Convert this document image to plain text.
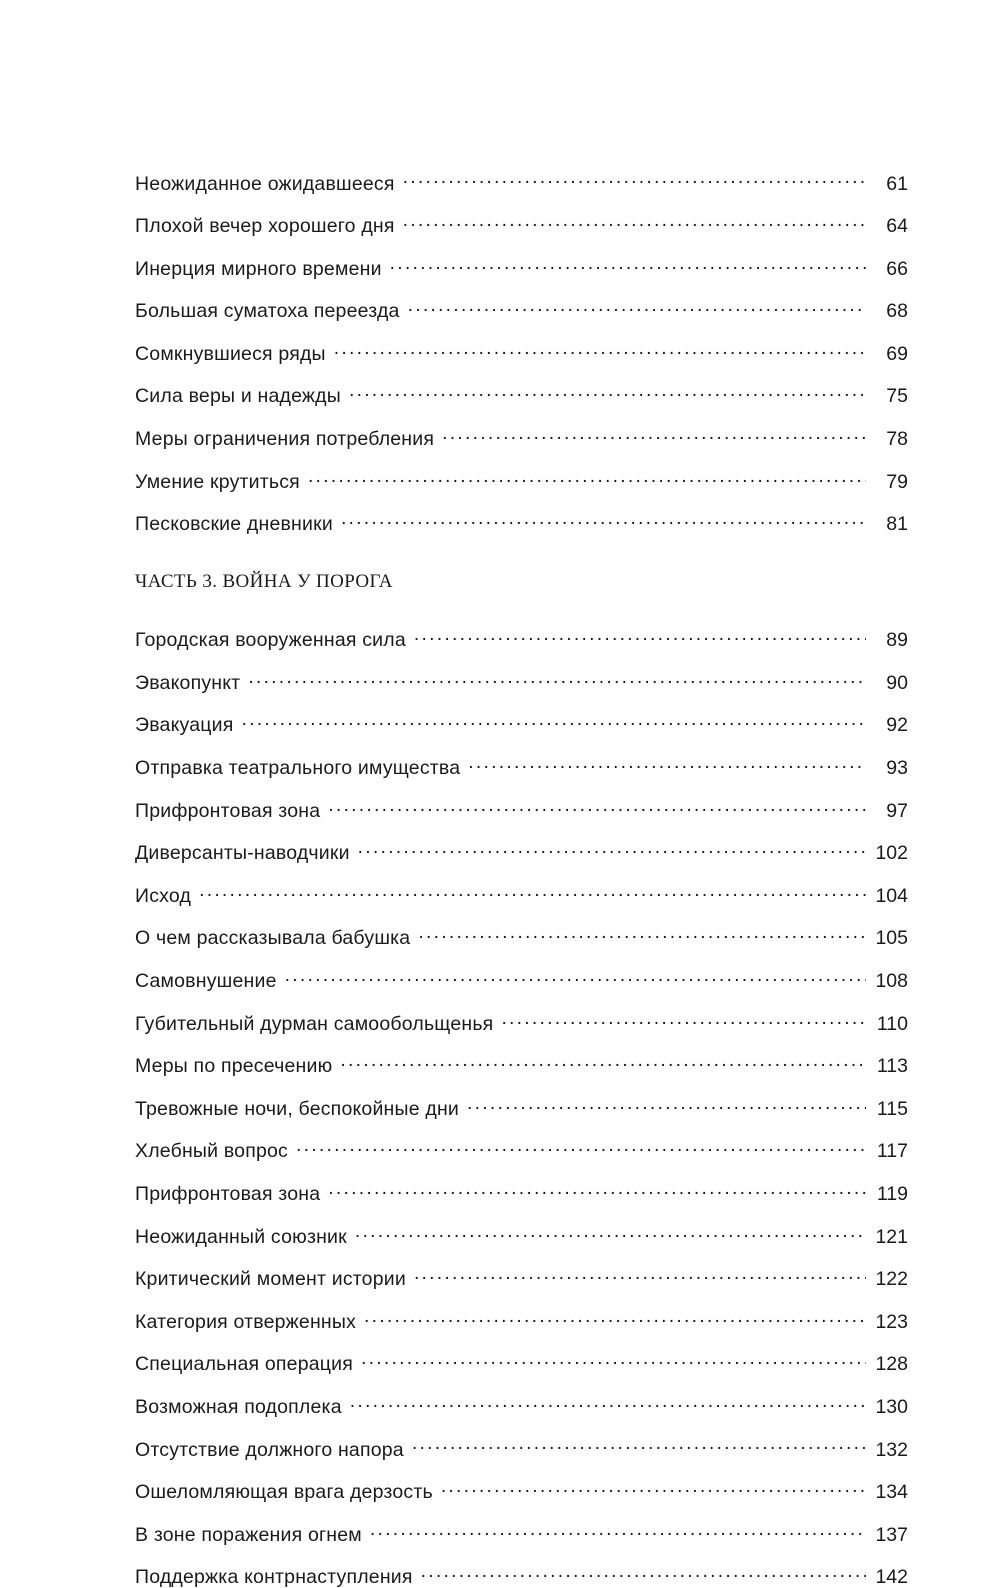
Неожиданное ожидавшееся .....	61
Плохой вечер хорошего дня .....	64
Инерция мирного времени .....	66
Большая суматоха переезда .....	68
Сомкнувшиеся ряды .....	69
Сила веры и надежды .....	75
Меры ограничения потребления .....	78
Умение крутиться .....	79
Песковские дневники .....	81
ЧАСТЬ 3. ВОЙНА У ПОРОГА
Городская вооруженная сила .....	89
Эвакопункт .....	90
Эвакуация .....	92
Отправка театрального имущества .....	93
Прифронтовая зона .....	97
Диверсанты-наводчики .....	102
Исход .....	104
О чем рассказывала бабушка .....	105
Самовнушение .....	108
Губительный дурман самообольщенья .....	110
Меры по пресечению .....	113
Тревожные ночи, беспокойные дни .....	115
Хлебный вопрос .....	117
Прифронтовая зона .....	119
Неожиданный союзник .....	121
Критический момент истории .....	122
Категория отверженных .....	123
Специальная операция .....	128
Возможная подоплека .....	130
Отсутствие должного напора .....	132
Ошеломляющая врага дерзость .....	134
В зоне поражения огнем .....	137
Поддержка контрнаступления .....	142
